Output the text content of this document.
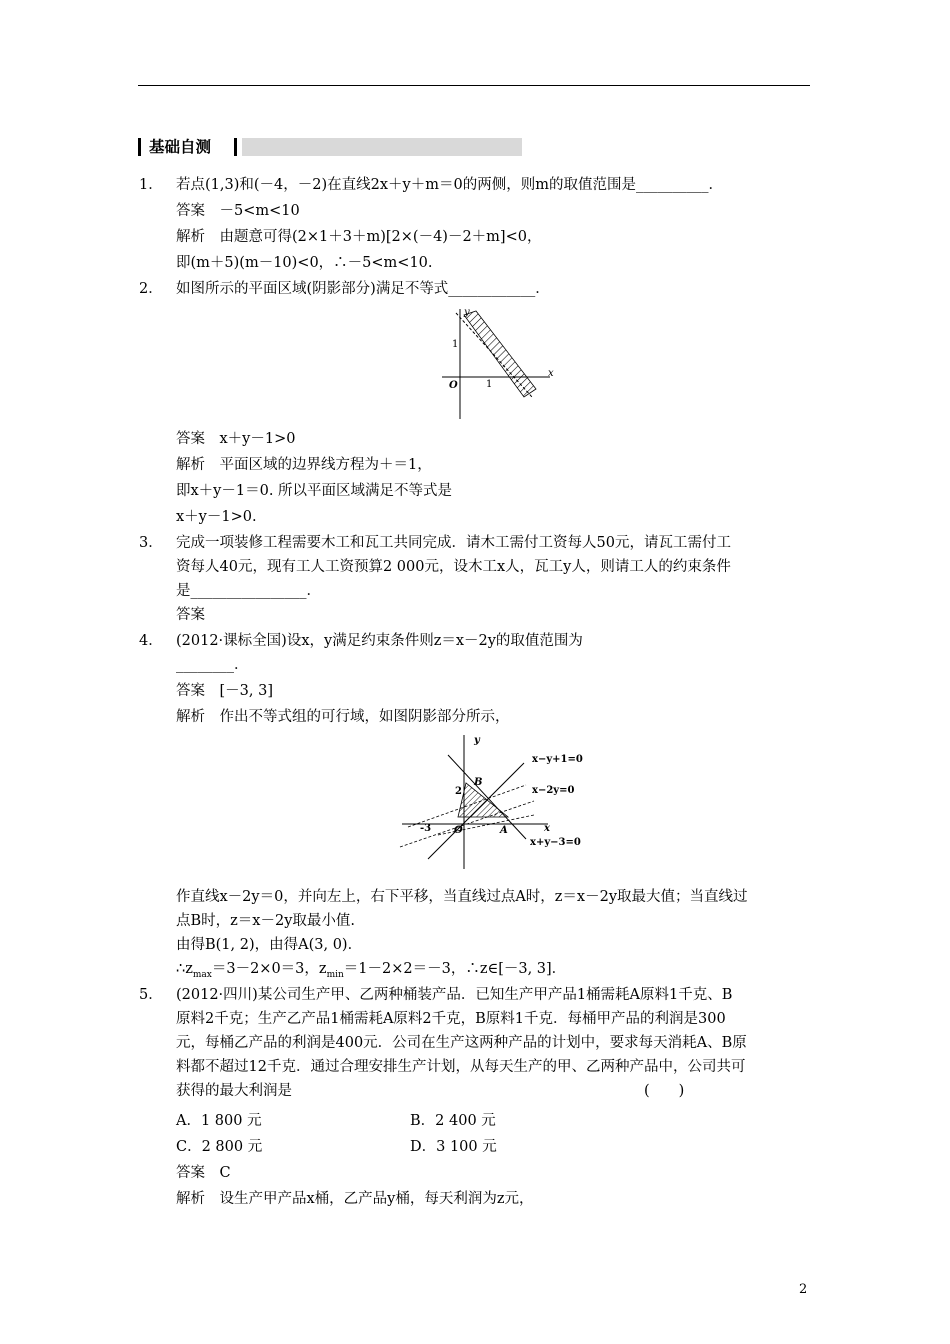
基础自测
1． 若点(1,3)和(－4，－2)在直线2x＋y＋m＝0的两侧，则m的取值范围是__________．
答案　－5<m<10
解析　由题意可得(2×1＋3＋m)[2×(－4)－2＋m]<0，
即(m＋5)(m－10)<0，∴－5<m<10.
2． 如图所示的平面区域(阴影部分)满足不等式____________．
y
x
O
1
1
答案　x＋y－1>0
解析　平面区域的边界线方程为＋＝1，
即x＋y－1＝0. 所以平面区域满足不等式是
x＋y－1>0.
3． 完成一项装修工程需要木工和瓦工共同完成．请木工需付工资每人50元，请瓦工需付工
资每人40元，现有工人工资预算2 000元，设木工x人，瓦工y人，则请工人的约束条件
是________________．
答案
4． (2012·课标全国)设x，y满足约束条件则z＝x－2y的取值范围为
________．
答案　[－3, 3]
解析　作出不等式组的可行域，如图阴影部分所示，
y
x
O
-3
2
A
B
x−y+1=0
x−2y=0
x+y−3=0
作直线x－2y＝0，并向左上，右下平移，当直线过点A时，z＝x－2y取最大值；当直线过
点B时，z＝x－2y取最小值.
由得B(1, 2)，由得A(3, 0)．
$\therefore z_{max}=3-2\times 0=3$，$z_{min}=1-2\times 2=-3$，∴z∈[－3, 3]．
5． (2012·四川)某公司生产甲、乙两种桶装产品．已知生产甲产品1桶需耗A原料1千克、B
原料2千克；生产乙产品1桶需耗A原料2千克，B原料1千克．每桶甲产品的利润是300
元，每桶乙产品的利润是400元．公司在生产这两种产品的计划中，要求每天消耗A、B原
料都不超过12千克．通过合理安排生产计划，从每天生产的甲、乙两种产品中，公司共可
获得的最大利润是	(　　)
A．1 800 元	B．2 400 元
C．2 800 元	D．3 100 元
答案　C
解析　设生产甲产品x桶，乙产品y桶，每天利润为z元，
2
